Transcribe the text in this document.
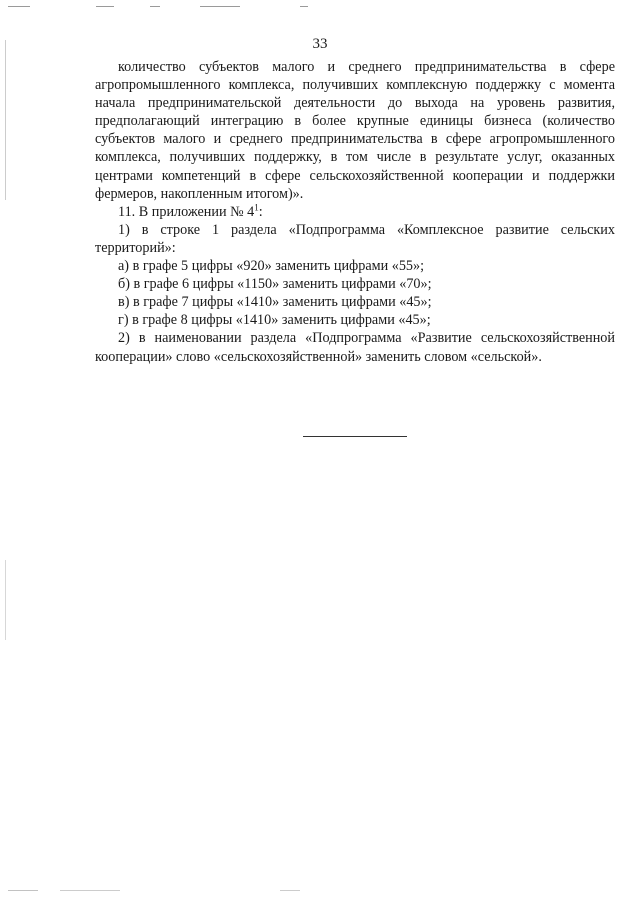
33

количество субъектов малого и среднего предпринимательства в сфере агропромышленного комплекса, получивших комплексную поддержку с момента начала предпринимательской деятельности до выхода на уровень развития, предполагающий интеграцию в более крупные единицы бизнеса (количество субъектов малого и среднего предпринимательства в сфере агропромышленного комплекса, получивших поддержку, в том числе в результате услуг, оказанных центрами компетенций в сфере сельскохозяйственной кооперации и поддержки фермеров, накопленным итогом)».

11. В приложении № $4^1$:

1) в строке 1 раздела «Подпрограмма «Комплексное развитие сельских территорий»:

а) в графе 5 цифры «920» заменить цифрами «55»;

б) в графе 6 цифры «1150» заменить цифрами «70»;

в) в графе 7 цифры «1410» заменить цифрами «45»;

г) в графе 8 цифры «1410» заменить цифрами «45»;

2) в наименовании раздела «Подпрограмма «Развитие сельскохозяйственной кооперации» слово «сельскохозяйственной» заменить словом «сельской».
